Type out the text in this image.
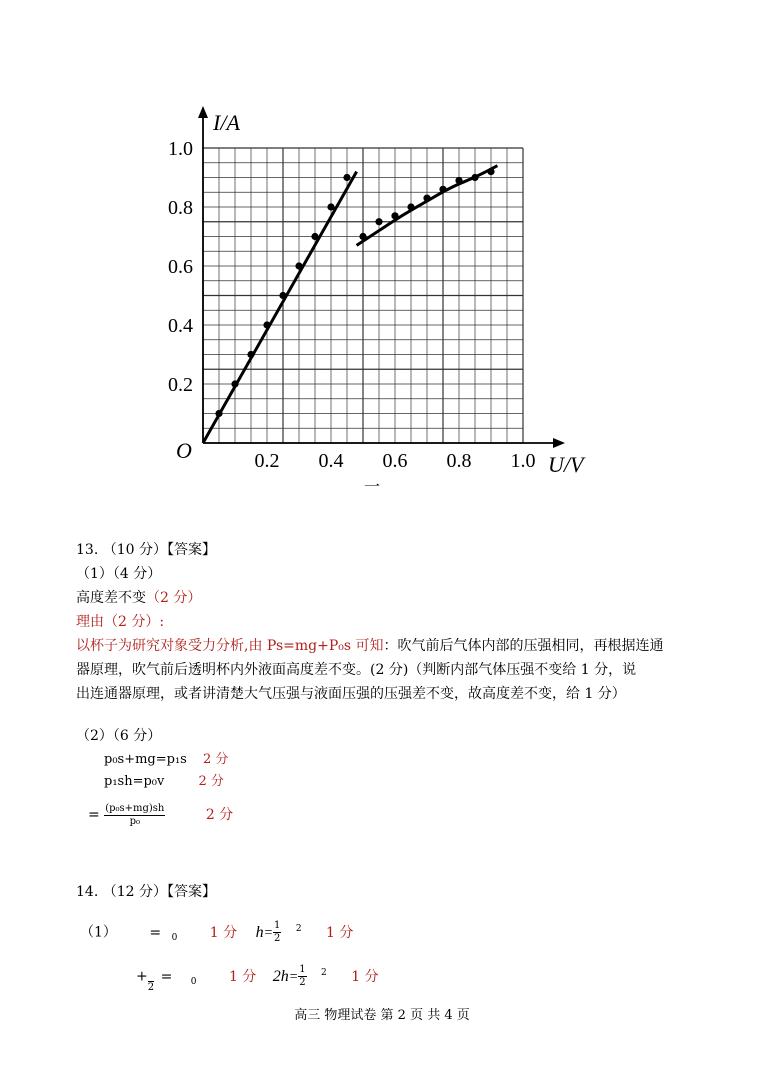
0.2 0.4 0.6 0.8 1.0
0.2
0.4
0.6
0.8
1.0
I/A
U/V
O
一
13. （10 分）【答案】
（1）（4 分）
高度差不变（2 分）
理由（2 分）:
以杯子为研究对象受力分析,由 Ps=mg+P₀s 可知：吹气前后气体内部的压强相同，再根据连通
器原理，吹气前后透明杯内外液面高度差不变。(2 分)（判断内部气体压强不变给 1 分，说
出连通器原理，或者讲清楚大气压强与液面压强的压强差不变，故高度差不变，给 1 分）
（2）（6 分）
p₀s+mg=p₁s 2 分
p₁sh=p₀v	2 分
= $\frac{\text{(p₀s+mg)sh}}{\text{p₀}}$	2 分
14. （12 分）【答案】
（1） = $_0$ 1 分 $h= \frac{1}{2} ^2$ 1 分
+

2
= $_0$ 1 分 $2h= \frac{1}{2} ^2$ 1 分
高三 物理试卷 第 2 页 共 4 页
